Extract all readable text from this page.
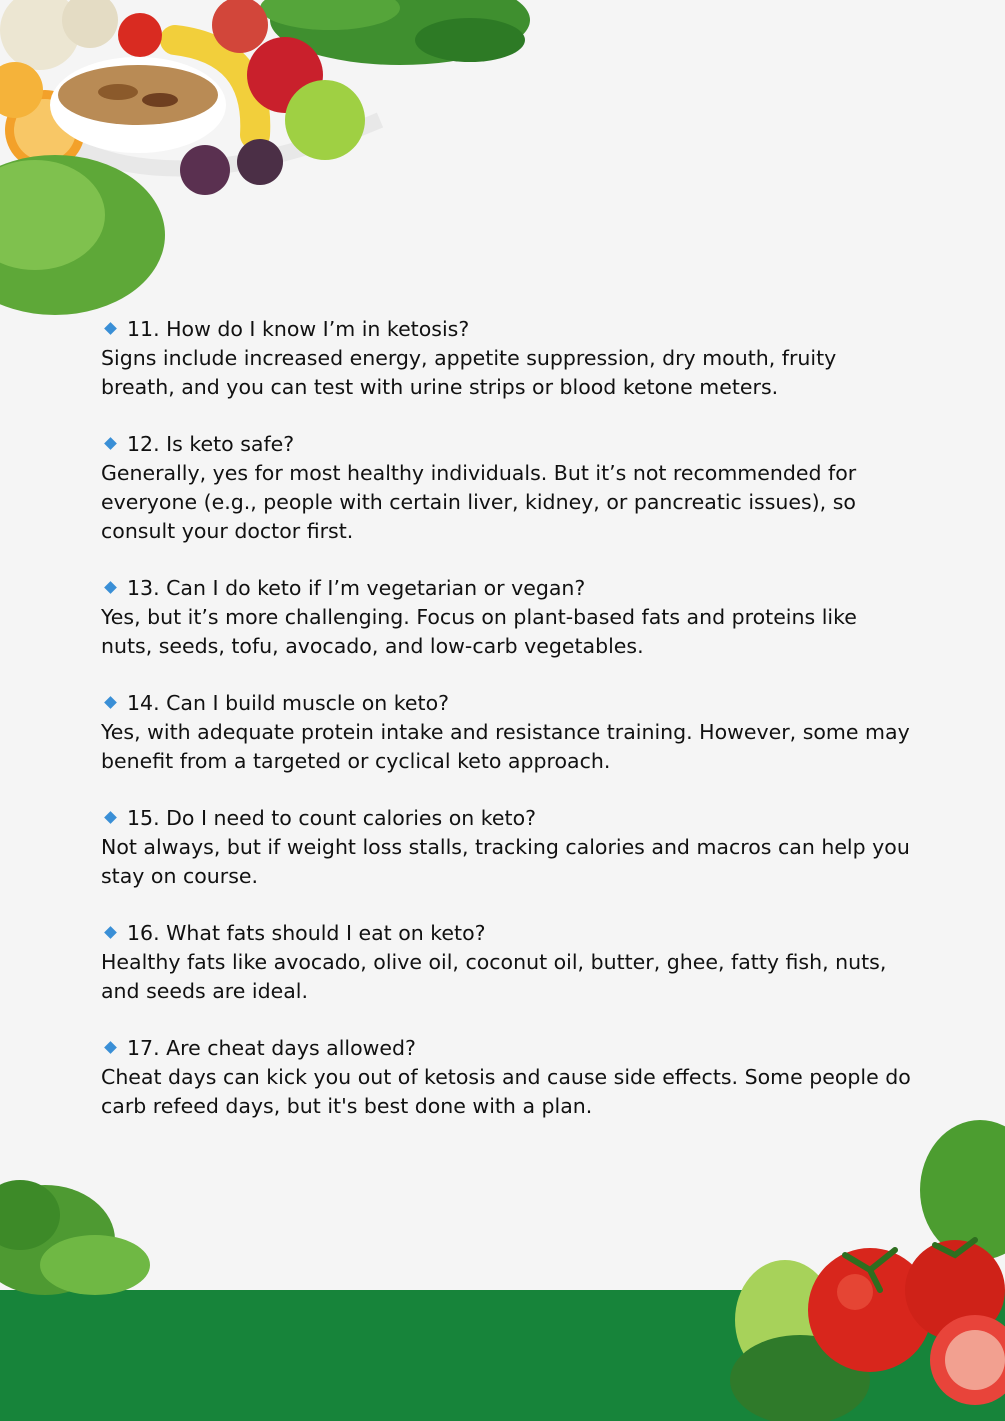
11. How do I know I’m in ketosis?

Signs include increased energy, appetite suppression, dry mouth, fruity breath, and you can test with urine strips or blood ketone meters.

12. Is keto safe?

Generally, yes for most healthy individuals. But it’s not recommended for everyone (e.g., people with certain liver, kidney, or pancreatic issues), so consult your doctor first.

13. Can I do keto if I’m vegetarian or vegan?

Yes, but it’s more challenging. Focus on plant-based fats and proteins like nuts, seeds, tofu, avocado, and low-carb vegetables.

14. Can I build muscle on keto?

Yes, with adequate protein intake and resistance training. However, some may benefit from a targeted or cyclical keto approach.

15. Do I need to count calories on keto?

Not always, but if weight loss stalls, tracking calories and macros can help you stay on course.

16. What fats should I eat on keto?

Healthy fats like avocado, olive oil, coconut oil, butter, ghee, fatty fish, nuts, and seeds are ideal.

17. Are cheat days allowed?

Cheat days can kick you out of ketosis and cause side effects. Some people do carb refeed days, but it's best done with a plan.
